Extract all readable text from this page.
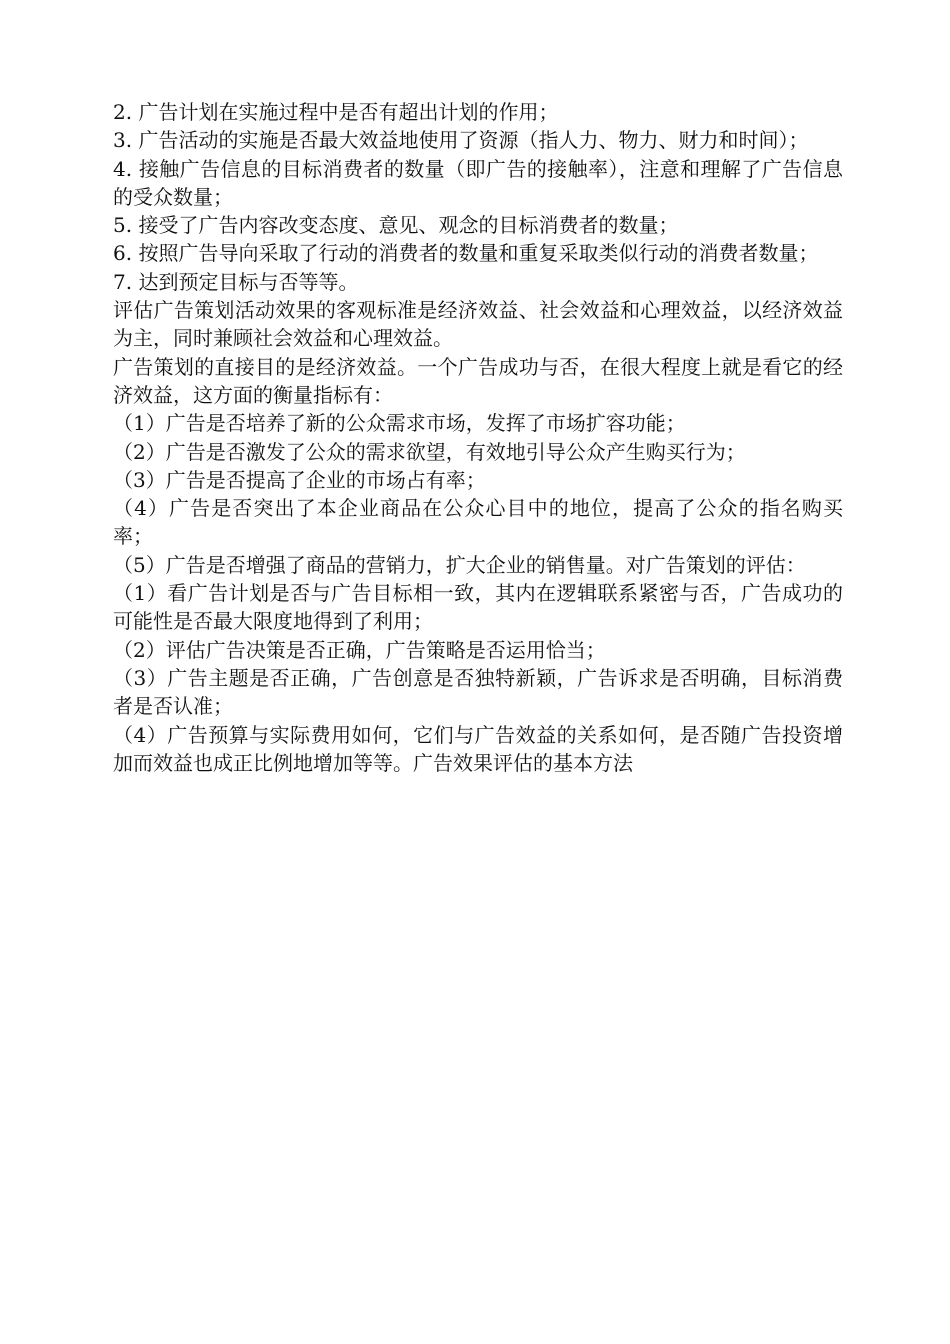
2. 广告计划在实施过程中是否有超出计划的作用；

3. 广告活动的实施是否最大效益地使用了资源（指人力、物力、财力和时间）；

4. 接触广告信息的目标消费者的数量（即广告的接触率），注意和理解了广告信息的受众数量；

5. 接受了广告内容改变态度、意见、观念的目标消费者的数量；

6. 按照广告导向采取了行动的消费者的数量和重复采取类似行动的消费者数量；

7. 达到预定目标与否等等。

评估广告策划活动效果的客观标准是经济效益、社会效益和心理效益，以经济效益为主，同时兼顾社会效益和心理效益。

广告策划的直接目的是经济效益。一个广告成功与否，在很大程度上就是看它的经济效益，这方面的衡量指标有：

（1）广告是否培养了新的公众需求市场，发挥了市场扩容功能；

（2）广告是否激发了公众的需求欲望，有效地引导公众产生购买行为；

（3）广告是否提高了企业的市场占有率；

（4）广告是否突出了本企业商品在公众心目中的地位，提高了公众的指名购买率；

（5）广告是否增强了商品的营销力，扩大企业的销售量。对广告策划的评估：

（1）看广告计划是否与广告目标相一致，其内在逻辑联系紧密与否，广告成功的可能性是否最大限度地得到了利用；

（2）评估广告决策是否正确，广告策略是否运用恰当；

（3）广告主题是否正确，广告创意是否独特新颖，广告诉求是否明确，目标消费者是否认准；

（4）广告预算与实际费用如何，它们与广告效益的关系如何，是否随广告投资增加而效益也成正比例地增加等等。广告效果评估的基本方法
